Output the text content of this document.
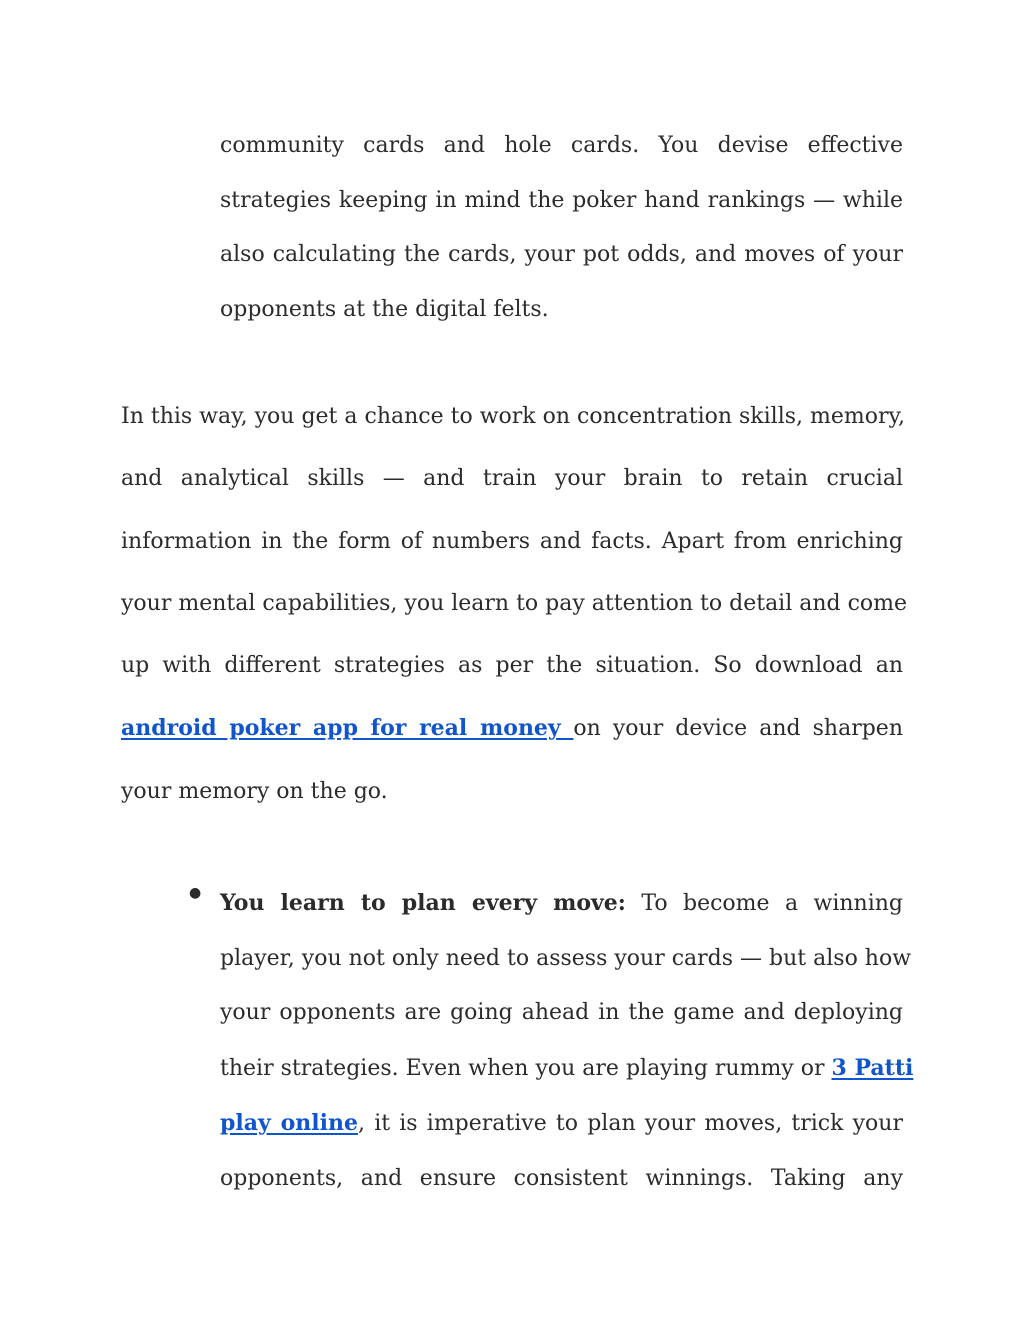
community cards and hole cards. You devise effective
strategies keeping in mind the poker hand rankings — while
also calculating the cards, your pot odds, and moves of your
opponents at the digital felts.
In this way, you get a chance to work on concentration skills, memory,
and analytical skills — and train your brain to retain crucial
information in the form of numbers and facts. Apart from enriching
your mental capabilities, you learn to pay attention to detail and come
up with different strategies as per the situation. So download an
android poker app for real money on your device and sharpen
your memory on the go.
● You learn to plan every move: To become a winning
player, you not only need to assess your cards — but also how
your opponents are going ahead in the game and deploying
their strategies. Even when you are playing rummy or 3 Patti
play online, it is imperative to plan your moves, trick your
opponents, and ensure consistent winnings. Taking any
